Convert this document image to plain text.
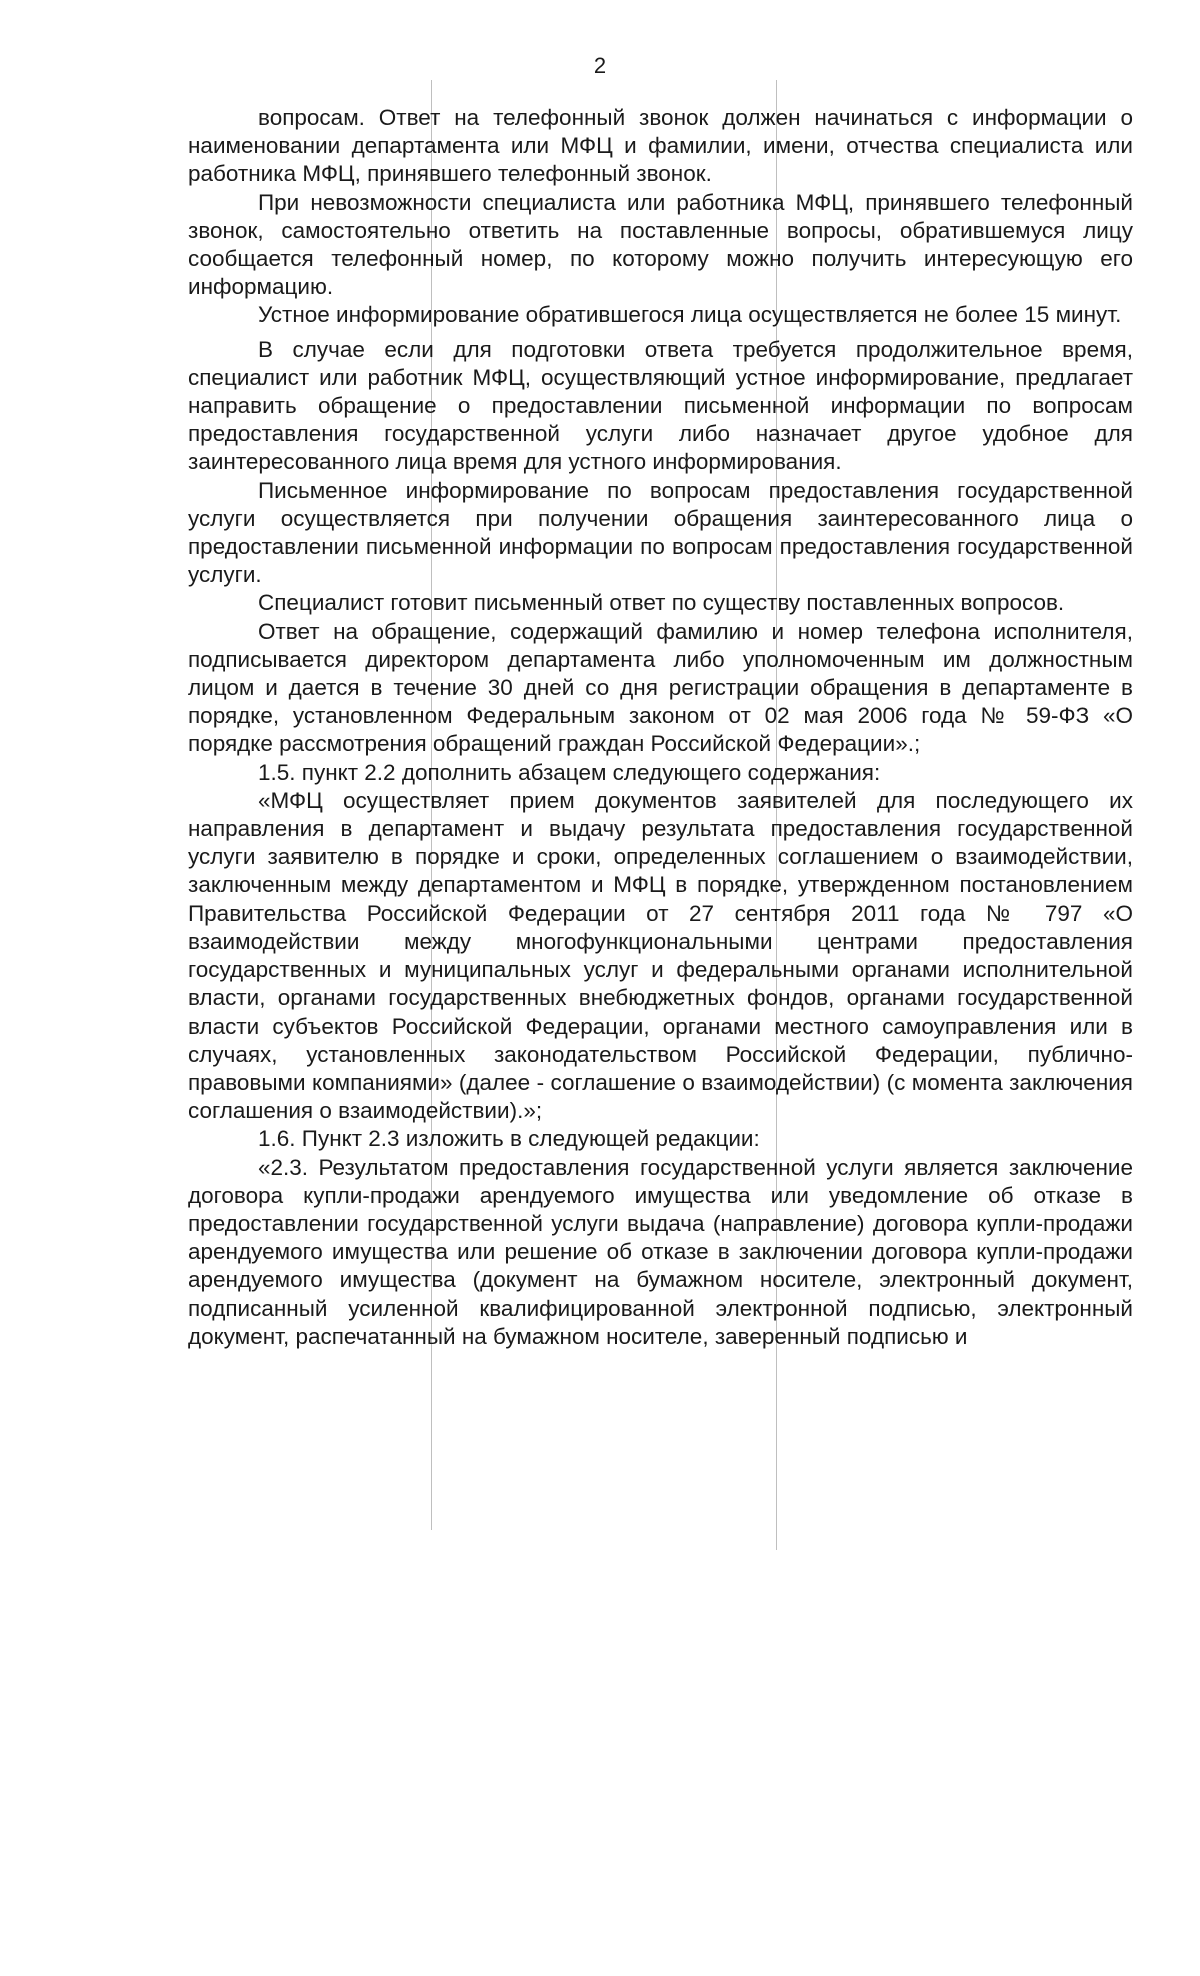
2

вопросам. Ответ на телефонный звонок должен начинаться с информации о наименовании департамента или МФЦ и фамилии, имени, отчества специалиста или работника МФЦ, принявшего телефонный звонок.

При невозможности специалиста или работника МФЦ, принявшего телефонный звонок, самостоятельно ответить на поставленные вопросы, обратившемуся лицу сообщается телефонный номер, по которому можно получить интересующую его информацию.

Устное информирование обратившегося лица осуществляется не более 15 минут.

В случае если для подготовки ответа требуется продолжительное время, специалист или работник МФЦ, осуществляющий устное информирование, предлагает направить обращение о предоставлении письменной информации по вопросам предоставления государственной услуги либо назначает другое удобное для заинтересованного лица время для устного информирования.

Письменное информирование по вопросам предоставления государственной услуги осуществляется при получении обращения заинтересованного лица о предоставлении письменной информации по вопросам предоставления государственной услуги.

Специалист готовит письменный ответ по существу поставленных вопросов.

Ответ на обращение, содержащий фамилию и номер телефона исполнителя, подписывается директором департамента либо уполномоченным им должностным лицом и дается в течение 30 дней со дня регистрации обращения в департаменте в порядке, установленном Федеральным законом от 02 мая 2006 года № 59-ФЗ «О порядке рассмотрения обращений граждан Российской Федерации».;

1.5. пункт 2.2 дополнить абзацем следующего содержания:

«МФЦ осуществляет прием документов заявителей для последующего их направления в департамент и выдачу результата предоставления государственной услуги заявителю в порядке и сроки, определенных соглашением о взаимодействии, заключенным между департаментом и МФЦ в порядке, утвержденном постановлением Правительства Российской Федерации от 27 сентября 2011 года № 797 «О взаимодействии между многофункциональными центрами предоставления государственных и муниципальных услуг и федеральными органами исполнительной власти, органами государственных внебюджетных фондов, органами государственной власти субъектов Российской Федерации, органами местного самоуправления или в случаях, установленных законодательством Российской Федерации, публично-правовыми компаниями» (далее - соглашение о взаимодействии) (с момента заключения соглашения о взаимодействии).»;

1.6. Пункт 2.3 изложить в следующей редакции:

«2.3. Результатом предоставления государственной услуги является заключение договора купли-продажи арендуемого имущества или уведомление об отказе в предоставлении государственной услуги выдача (направление) договора купли-продажи арендуемого имущества или решение об отказе в заключении договора купли-продажи арендуемого имущества (документ на бумажном носителе, электронный документ, подписанный усиленной квалифицированной электронной подписью, электронный документ, распечатанный на бумажном носителе, заверенный подписью и
